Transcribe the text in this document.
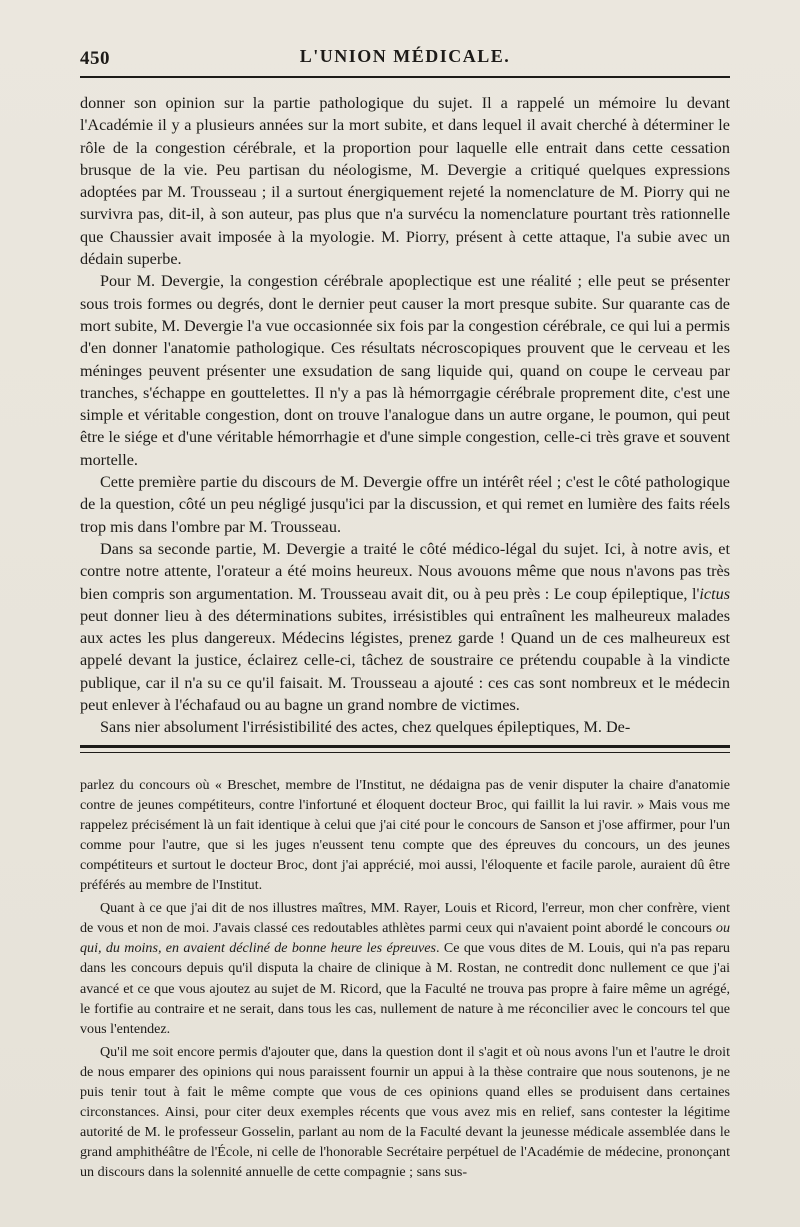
450	L'UNION MÉDICALE.

donner son opinion sur la partie pathologique du sujet. Il a rappelé un mémoire lu devant l'Académie il y a plusieurs années sur la mort subite, et dans lequel il avait cherché à déterminer le rôle de la congestion cérébrale, et la proportion pour laquelle elle entrait dans cette cessation brusque de la vie. Peu partisan du néologisme, M. Devergie a critiqué quelques expressions adoptées par M. Trousseau ; il a surtout énergiquement rejeté la nomenclature de M. Piorry qui ne survivra pas, dit-il, à son auteur, pas plus que n'a survécu la nomenclature pourtant très rationnelle que Chaussier avait imposée à la myologie. M. Piorry, présent à cette attaque, l'a subie avec un dédain superbe.

Pour M. Devergie, la congestion cérébrale apoplectique est une réalité ; elle peut se présenter sous trois formes ou degrés, dont le dernier peut causer la mort presque subite. Sur quarante cas de mort subite, M. Devergie l'a vue occasionnée six fois par la congestion cérébrale, ce qui lui a permis d'en donner l'anatomie pathologique. Ces résultats nécroscopiques prouvent que le cerveau et les méninges peuvent présenter une exsudation de sang liquide qui, quand on coupe le cerveau par tranches, s'échappe en gouttelettes. Il n'y a pas là hémorrgagie cérébrale proprement dite, c'est une simple et véritable congestion, dont on trouve l'analogue dans un autre organe, le poumon, qui peut être le siége et d'une véritable hémorrhagie et d'une simple congestion, celle-ci très grave et souvent mortelle.

Cette première partie du discours de M. Devergie offre un intérêt réel ; c'est le côté pathologique de la question, côté un peu négligé jusqu'ici par la discussion, et qui remet en lumière des faits réels trop mis dans l'ombre par M. Trousseau.

Dans sa seconde partie, M. Devergie a traité le côté médico-légal du sujet. Ici, à notre avis, et contre notre attente, l'orateur a été moins heureux. Nous avouons même que nous n'avons pas très bien compris son argumentation. M. Trousseau avait dit, ou à peu près : Le coup épileptique, l'ictus peut donner lieu à des déterminations subites, irrésistibles qui entraînent les malheureux malades aux actes les plus dangereux. Médecins légistes, prenez garde ! Quand un de ces malheureux est appelé devant la justice, éclairez celle-ci, tâchez de soustraire ce prétendu coupable à la vindicte publique, car il n'a su ce qu'il faisait. M. Trousseau a ajouté : ces cas sont nombreux et le médecin peut enlever à l'échafaud ou au bagne un grand nombre de victimes.

Sans nier absolument l'irrésistibilité des actes, chez quelques épileptiques, M. De-

parlez du concours où « Breschet, membre de l'Institut, ne dédaigna pas de venir disputer la chaire d'anatomie contre de jeunes compétiteurs, contre l'infortuné et éloquent docteur Broc, qui faillit la lui ravir. » Mais vous me rappelez précisément là un fait identique à celui que j'ai cité pour le concours de Sanson et j'ose affirmer, pour l'un comme pour l'autre, que si les juges n'eussent tenu compte que des épreuves du concours, un des jeunes compétiteurs et surtout le docteur Broc, dont j'ai apprécié, moi aussi, l'éloquente et facile parole, auraient dû être préférés au membre de l'Institut.

Quant à ce que j'ai dit de nos illustres maîtres, MM. Rayer, Louis et Ricord, l'erreur, mon cher confrère, vient de vous et non de moi. J'avais classé ces redoutables athlètes parmi ceux qui n'avaient point abordé le concours ou qui, du moins, en avaient décliné de bonne heure les épreuves. Ce que vous dites de M. Louis, qui n'a pas reparu dans les concours depuis qu'il disputa la chaire de clinique à M. Rostan, ne contredit donc nullement ce que j'ai avancé et ce que vous ajoutez au sujet de M. Ricord, que la Faculté ne trouva pas propre à faire même un agrégé, le fortifie au contraire et ne serait, dans tous les cas, nullement de nature à me réconcilier avec le concours tel que vous l'entendez.

Qu'il me soit encore permis d'ajouter que, dans la question dont il s'agit et où nous avons l'un et l'autre le droit de nous emparer des opinions qui nous paraissent fournir un appui à la thèse contraire que nous soutenons, je ne puis tenir tout à fait le même compte que vous de ces opinions quand elles se produisent dans certaines circonstances. Ainsi, pour citer deux exemples récents que vous avez mis en relief, sans contester la légitime autorité de M. le professeur Gosselin, parlant au nom de la Faculté devant la jeunesse médicale assemblée dans le grand amphithéâtre de l'École, ni celle de l'honorable Secrétaire perpétuel de l'Académie de médecine, prononçant un discours dans la solennité annuelle de cette compagnie ; sans sus-
